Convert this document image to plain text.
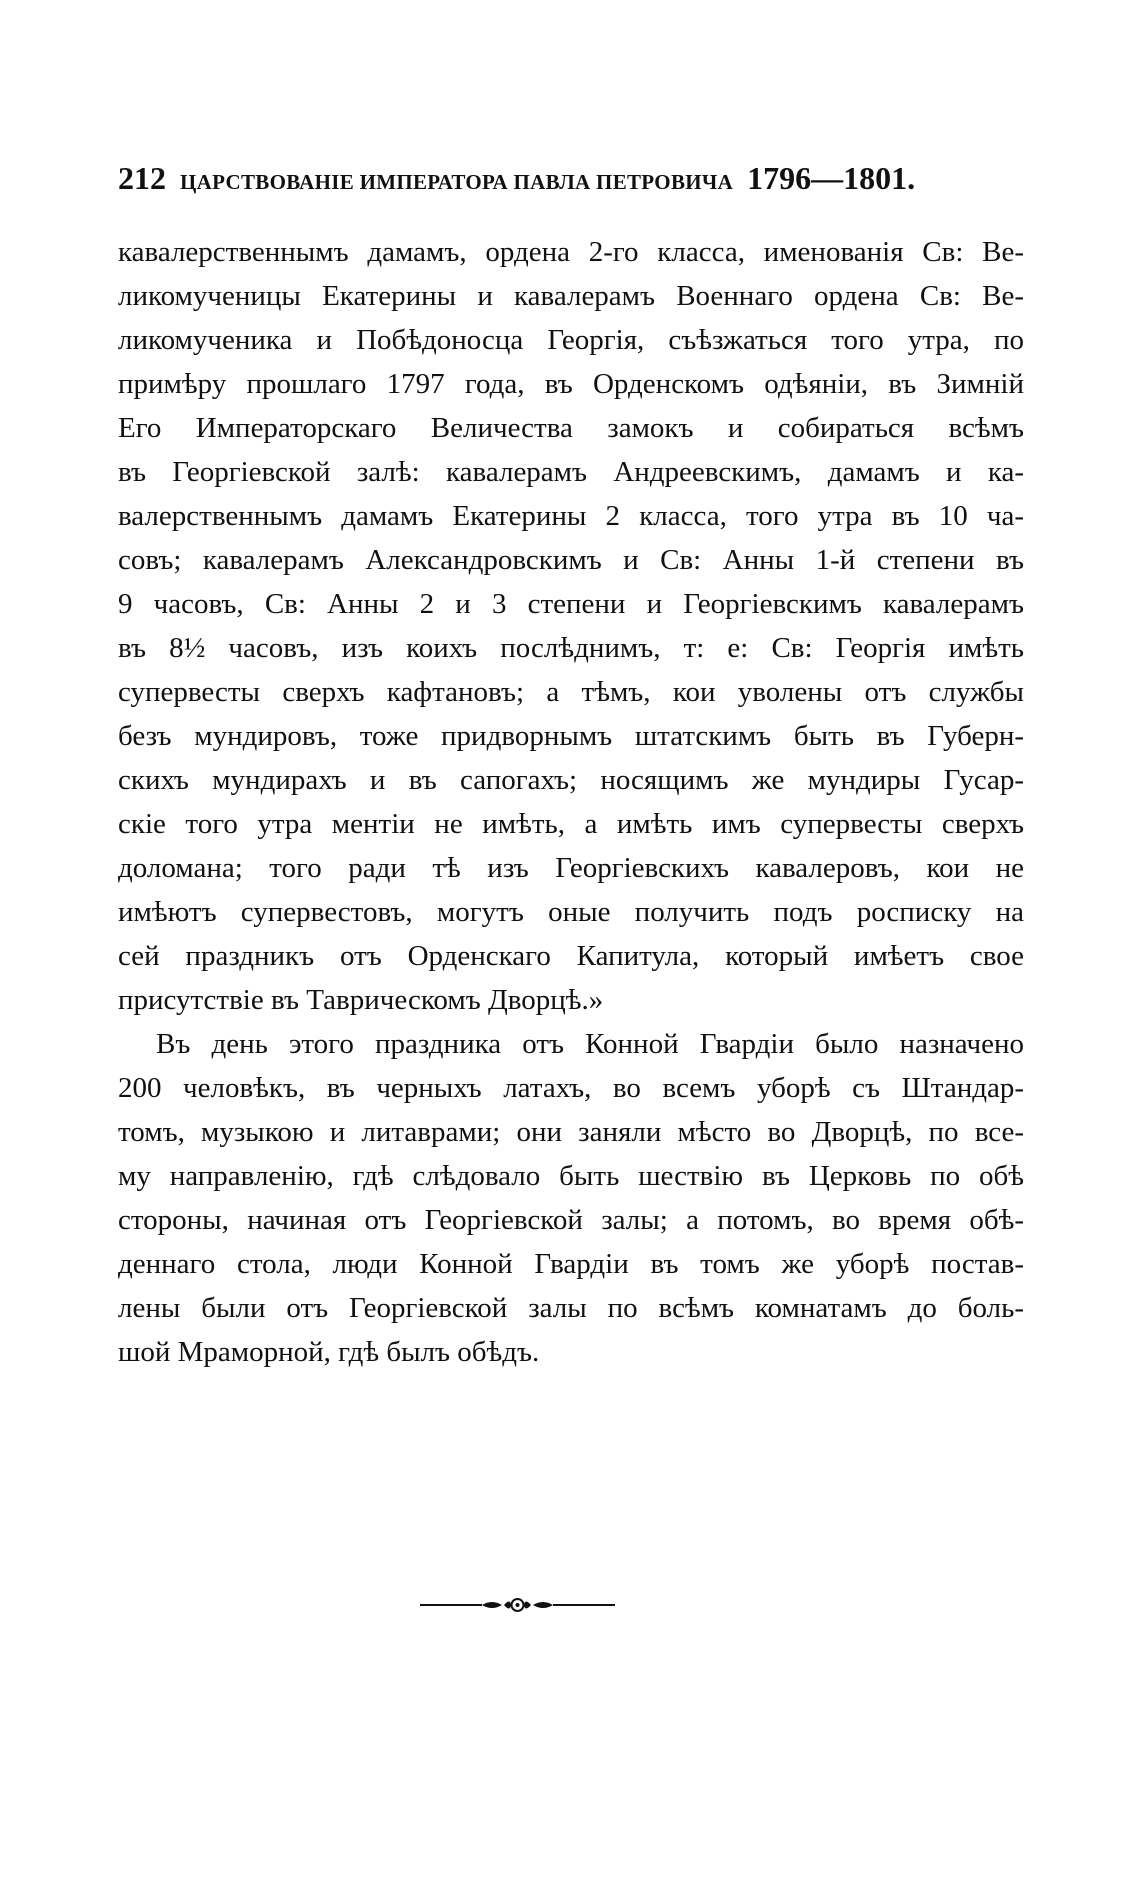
212 ЦАРСТВОВАНІЕ ИМПЕРАТОРА ПАВЛА ПЕТРОВИЧА 1796—1801.
кавалерственнымъ дамамъ, ордена 2-го класса, именованія Св: Ве-
ликомученицы Екатерины и кавалерамъ Военнаго ордена Св: Ве-
ликомученика и Побѣдоносца Георгія, съѣзжаться того утра, по
примѣру прошлаго 1797 года, въ Орденскомъ одѣяніи, въ Зимній
Его Императорскаго Величества замокъ и собираться всѣмъ
въ Георгіевской залѣ: кавалерамъ Андреевскимъ, дамамъ и ка-
валерственнымъ дамамъ Екатерины 2 класса, того утра въ 10 ча-
совъ; кавалерамъ Александровскимъ и Св: Анны 1-й степени въ
9 часовъ, Св: Анны 2 и 3 степени и Георгіевскимъ кавалерамъ
въ 8½ часовъ, изъ коихъ послѣднимъ, т: е: Св: Георгія имѣть
супервесты сверхъ кафтановъ; а тѣмъ, кои уволены отъ службы
безъ мундировъ, тоже придворнымъ штатскимъ быть въ Губерн-
скихъ мундирахъ и въ сапогахъ; носящимъ же мундиры Гусар-
скіе того утра ментіи не имѣть, а имѣть имъ супервесты сверхъ
доломана; того ради тѣ изъ Георгіевскихъ кавалеровъ, кои не
имѣютъ супервестовъ, могутъ оные получить подъ росписку на
сей праздникъ отъ Орденскаго Капитула, который имѣетъ свое
присутствіе въ Таврическомъ Дворцѣ.»
Въ день этого праздника отъ Конной Гвардіи было назначено
200 человѣкъ, въ черныхъ латахъ, во всемъ уборѣ съ Штандар-
томъ, музыкою и литаврами; они заняли мѣсто во Дворцѣ, по все-
му направленію, гдѣ слѣдовало быть шествію въ Церковь по обѣ
стороны, начиная отъ Георгіевской залы; а потомъ, во время обѣ-
деннаго стола, люди Конной Гвардіи въ томъ же уборѣ постав-
лены были отъ Георгіевской залы по всѣмъ комнатамъ до боль-
шой Мраморной, гдѣ былъ обѣдъ.
